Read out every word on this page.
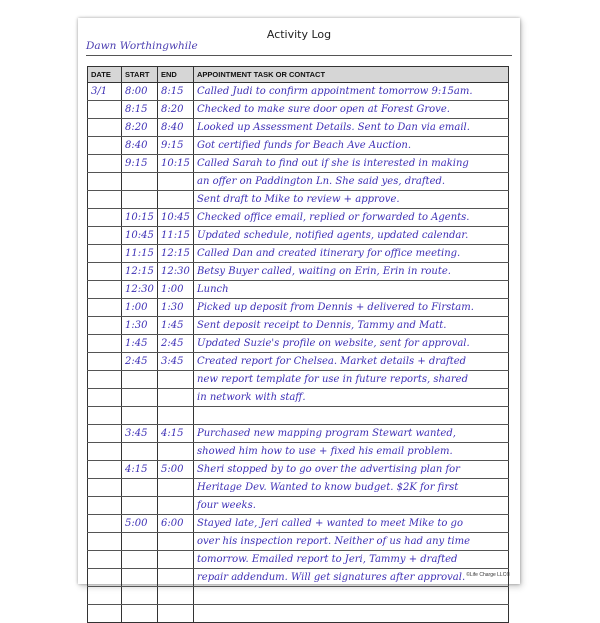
Activity Log
Dawn Worthingwhile
DATE	START	END	APPOINTMENT TASK OR CONTACT
3/1	8:00	8:15	Called Judi to confirm appointment tomorrow 9:15am.
	8:15	8:20	Checked to make sure door open at Forest Grove.
	8:20	8:40	Looked up Assessment Details. Sent to Dan via email.
	8:40	9:15	Got certified funds for Beach Ave Auction.
	9:15	10:15	Called Sarah to find out if she is interested in making
			an offer on Paddington Ln. She said yes, drafted.
			Sent draft to Mike to review + approve.
	10:15	10:45	Checked office email, replied or forwarded to Agents.
	10:45	11:15	Updated schedule, notified agents, updated calendar.
	11:15	12:15	Called Dan and created itinerary for office meeting.
	12:15	12:30	Betsy Buyer called, waiting on Erin, Erin in route.
	12:30	1:00	Lunch
	1:00	1:30	Picked up deposit from Dennis + delivered to Firstam.
	1:30	1:45	Sent deposit receipt to Dennis, Tammy and Matt.
	1:45	2:45	Updated Suzie's profile on website, sent for approval.
	2:45	3:45	Created report for Chelsea. Market details + drafted
			new report template for use in future reports, shared
			in network with staff.

	3:45	4:15	Purchased new mapping program Stewart wanted,
			showed him how to use + fixed his email problem.
	4:15	5:00	Sheri stopped by to go over the advertising plan for
			Heritage Dev. Wanted to know budget. $2K for first
			four weeks.
	5:00	6:00	Stayed late, Jeri called + wanted to meet Mike to go
			over his inspection report. Neither of us had any time
			tomorrow. Emailed report to Jeri, Tammy + drafted
			repair addendum. Will get signatures after approval.

			©Life Charge LLC®
